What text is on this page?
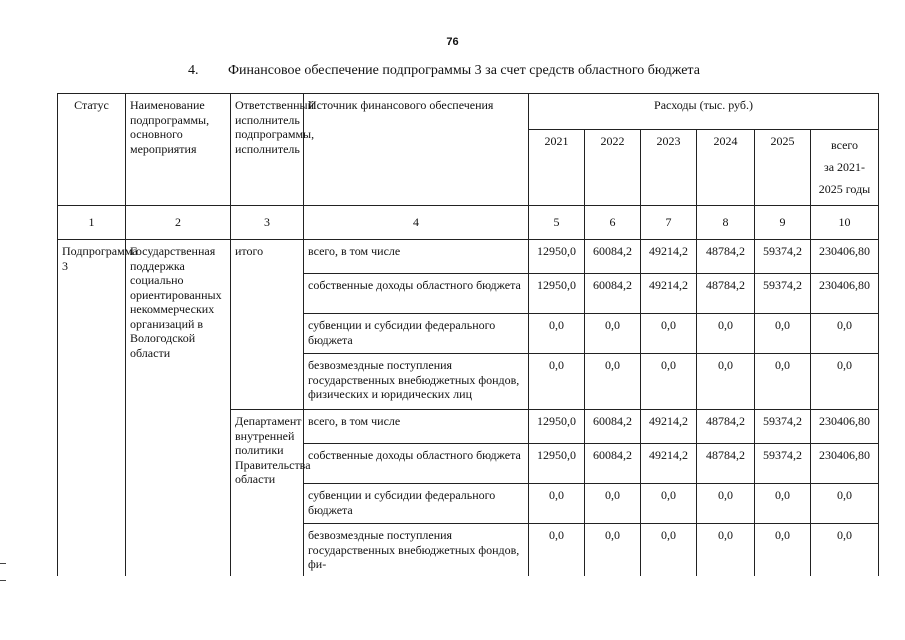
76
4. Финансовое обеспечение подпрограммы 3 за счет средств областного бюджета
Статус	Наименование подпрограммы, основного мероприятия	Ответственный исполнитель подпрограммы, исполнитель	Источник финансового обеспечения	Расходы (тыс. руб.)					
				2021	2022	2023	2024	2025	всего
за 2021-
2025 годы

1	2	3	4	5	6	7	8	9	10
Подпрограмма 3	Государственная поддержка социально ориентированных некоммерческих организаций в Вологодской области	итого	всего, в том числе	12950,0	60084,2	49214,2	48784,2	59374,2	230406,80
			собственные доходы областного бюджета	12950,0	60084,2	49214,2	48784,2	59374,2	230406,80
			субвенции и субсидии федерального бюджета	0,0	0,0	0,0	0,0	0,0	0,0
			безвозмездные поступления государственных внебюджетных фондов, физических и юридических лиц	0,0	0,0	0,0	0,0	0,0	0,0
		Департамент внутренней политики Правительства области	всего, в том числе	12950,0	60084,2	49214,2	48784,2	59374,2	230406,80
			собственные доходы областного бюджета	12950,0	60084,2	49214,2	48784,2	59374,2	230406,80
			субвенции и субсидии федерального бюджета	0,0	0,0	0,0	0,0	0,0	0,0
			безвозмездные поступления государственных внебюджетных фондов, фи-	0,0	0,0	0,0	0,0	0,0	0,0
